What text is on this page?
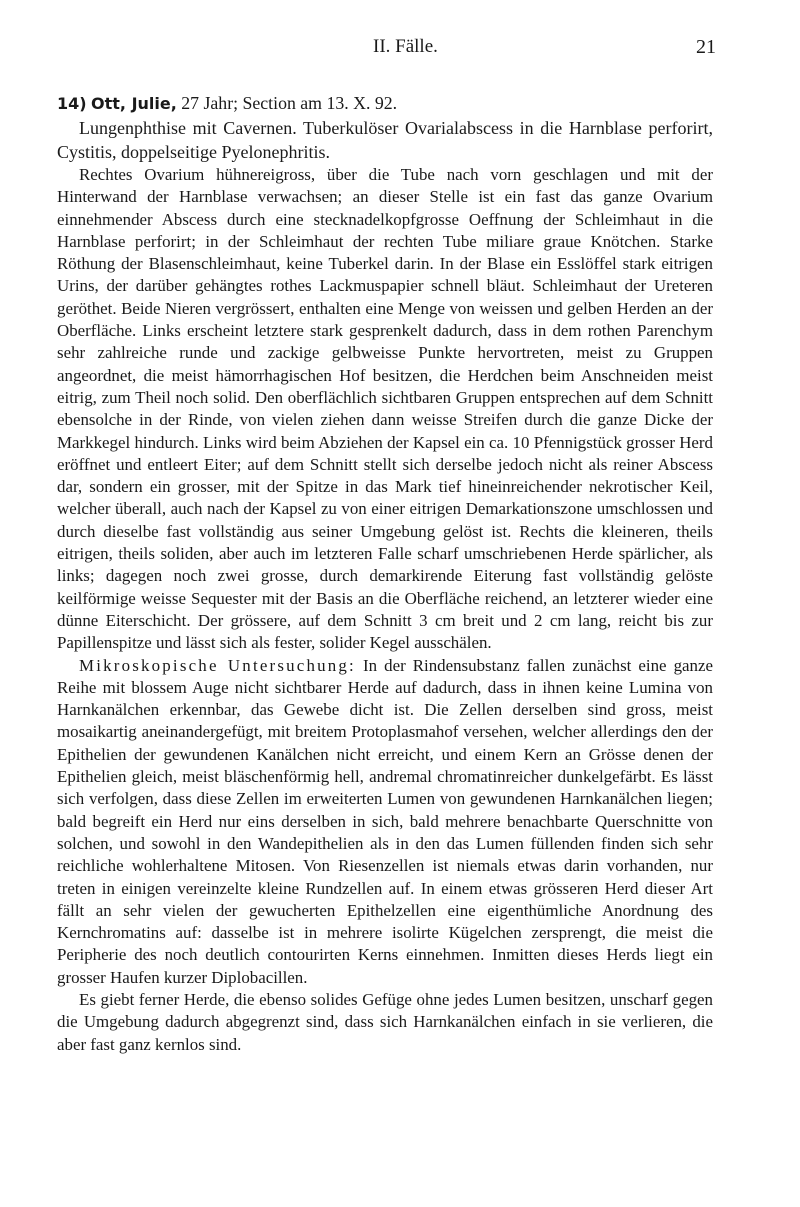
II. Fälle.	21

14) Ott, Julie, 27 Jahr; Section am 13. X. 92.

Lungenphthise mit Cavernen. Tuberkulöser Ovarialabscess in die Harnblase perforirt, Cystitis, doppelseitige Pyelonephritis.

Rechtes Ovarium hühnereigross, über die Tube nach vorn geschlagen und mit der Hinterwand der Harnblase verwachsen; an dieser Stelle ist ein fast das ganze Ovarium einnehmender Abscess durch eine stecknadelkopfgrosse Oeffnung der Schleimhaut in die Harnblase perforirt; in der Schleimhaut der rechten Tube miliare graue Knötchen. Starke Röthung der Blasenschleimhaut, keine Tuberkel darin. In der Blase ein Esslöffel stark eitrigen Urins, der darüber gehängtes rothes Lackmuspapier schnell bläut. Schleimhaut der Ureteren geröthet. Beide Nieren vergrössert, enthalten eine Menge von weissen und gelben Herden an der Oberfläche. Links erscheint letztere stark gesprenkelt dadurch, dass in dem rothen Parenchym sehr zahlreiche runde und zackige gelbweisse Punkte hervortreten, meist zu Gruppen angeordnet, die meist hämorrhagischen Hof besitzen, die Herdchen beim Anschneiden meist eitrig, zum Theil noch solid. Den oberflächlich sichtbaren Gruppen entsprechen auf dem Schnitt ebensolche in der Rinde, von vielen ziehen dann weisse Streifen durch die ganze Dicke der Markkegel hindurch. Links wird beim Abziehen der Kapsel ein ca. 10 Pfennigstück grosser Herd eröffnet und entleert Eiter; auf dem Schnitt stellt sich derselbe jedoch nicht als reiner Abscess dar, sondern ein grosser, mit der Spitze in das Mark tief hineinreichender nekrotischer Keil, welcher überall, auch nach der Kapsel zu von einer eitrigen Demarkationszone umschlossen und durch dieselbe fast vollständig aus seiner Umgebung gelöst ist. Rechts die kleineren, theils eitrigen, theils soliden, aber auch im letzteren Falle scharf umschriebenen Herde spärlicher, als links; dagegen noch zwei grosse, durch demarkirende Eiterung fast vollständig gelöste keilförmige weisse Sequester mit der Basis an die Oberfläche reichend, an letzterer wieder eine dünne Eiterschicht. Der grössere, auf dem Schnitt 3 cm breit und 2 cm lang, reicht bis zur Papillenspitze und lässt sich als fester, solider Kegel ausschälen.

Mikroskopische Untersuchung: In der Rindensubstanz fallen zunächst eine ganze Reihe mit blossem Auge nicht sichtbarer Herde auf dadurch, dass in ihnen keine Lumina von Harnkanälchen erkennbar, das Gewebe dicht ist. Die Zellen derselben sind gross, meist mosaikartig aneinandergefügt, mit breitem Protoplasmahof versehen, welcher allerdings den der Epithelien der gewundenen Kanälchen nicht erreicht, und einem Kern an Grösse denen der Epithelien gleich, meist bläschenförmig hell, andremal chromatinreicher dunkelgefärbt. Es lässt sich verfolgen, dass diese Zellen im erweiterten Lumen von gewundenen Harnkanälchen liegen; bald begreift ein Herd nur eins derselben in sich, bald mehrere benachbarte Querschnitte von solchen, und sowohl in den Wandepithelien als in den das Lumen füllenden finden sich sehr reichliche wohlerhaltene Mitosen. Von Riesenzellen ist niemals etwas darin vorhanden, nur treten in einigen vereinzelte kleine Rundzellen auf. In einem etwas grösseren Herd dieser Art fällt an sehr vielen der gewucherten Epithelzellen eine eigenthümliche Anordnung des Kernchromatins auf: dasselbe ist in mehrere isolirte Kügelchen zersprengt, die meist die Peripherie des noch deutlich contourirten Kerns einnehmen. Inmitten dieses Herds liegt ein grosser Haufen kurzer Diplobacillen.

Es giebt ferner Herde, die ebenso solides Gefüge ohne jedes Lumen besitzen, unscharf gegen die Umgebung dadurch abgegrenzt sind, dass sich Harnkanälchen einfach in sie verlieren, die aber fast ganz kernlos sind.
